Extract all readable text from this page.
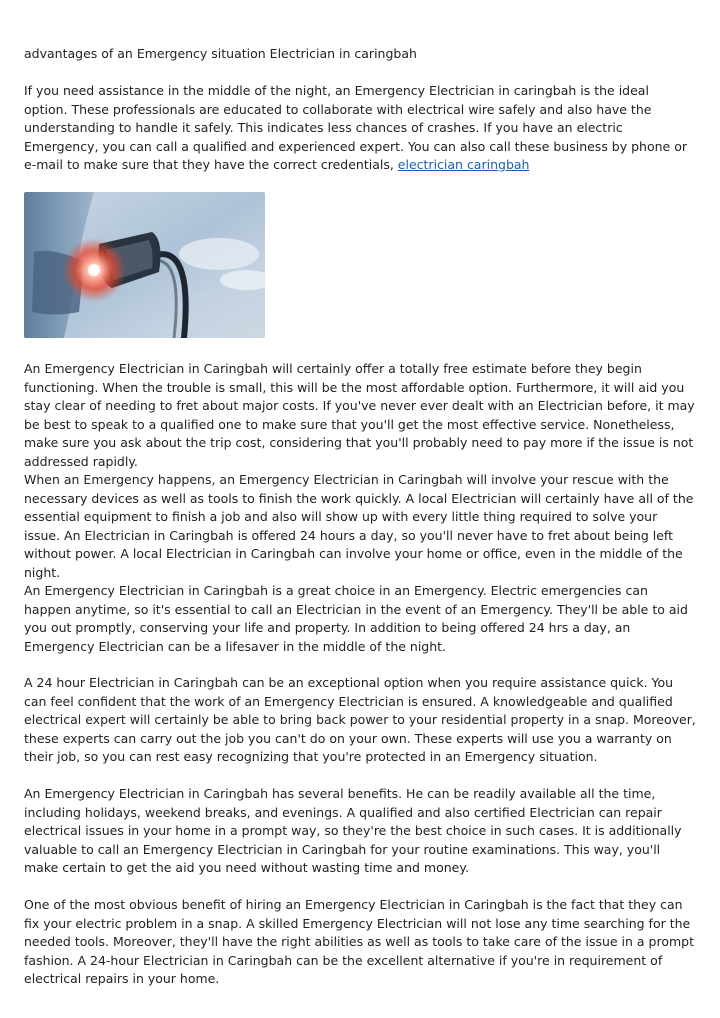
advantages of an Emergency situation Electrician in caringbah

If you need assistance in the middle of the night, an Emergency Electrician in caringbah is the ideal option. These professionals are educated to collaborate with electrical wire safely and also have the understanding to handle it safely. This indicates less chances of crashes. If you have an electric Emergency, you can call a qualified and experienced expert. You can also call these business by phone or e-mail to make sure that they have the correct credentials, electrician caringbah

An Emergency Electrician in Caringbah will certainly offer a totally free estimate before they begin functioning. When the trouble is small, this will be the most affordable option. Furthermore, it will aid you stay clear of needing to fret about major costs. If you've never ever dealt with an Electrician before, it may be best to speak to a qualified one to make sure that you'll get the most effective service. Nonetheless, make sure you ask about the trip cost, considering that you'll probably need to pay more if the issue is not addressed rapidly.

When an Emergency happens, an Emergency Electrician in Caringbah will involve your rescue with the necessary devices as well as tools to finish the work quickly. A local Electrician will certainly have all of the essential equipment to finish a job and also will show up with every little thing required to solve your issue. An Electrician in Caringbah is offered 24 hours a day, so you'll never have to fret about being left without power. A local Electrician in Caringbah can involve your home or office, even in the middle of the night.

An Emergency Electrician in Caringbah is a great choice in an Emergency. Electric emergencies can happen anytime, so it's essential to call an Electrician in the event of an Emergency. They'll be able to aid you out promptly, conserving your life and property. In addition to being offered 24 hrs a day, an Emergency Electrician can be a lifesaver in the middle of the night.

A 24 hour Electrician in Caringbah can be an exceptional option when you require assistance quick. You can feel confident that the work of an Emergency Electrician is ensured. A knowledgeable and qualified electrical expert will certainly be able to bring back power to your residential property in a snap. Moreover, these experts can carry out the job you can't do on your own. These experts will use you a warranty on their job, so you can rest easy recognizing that you're protected in an Emergency situation.

An Emergency Electrician in Caringbah has several benefits. He can be readily available all the time, including holidays, weekend breaks, and evenings. A qualified and also certified Electrician can repair electrical issues in your home in a prompt way, so they're the best choice in such cases. It is additionally valuable to call an Emergency Electrician in Caringbah for your routine examinations. This way, you'll make certain to get the aid you need without wasting time and money.

One of the most obvious benefit of hiring an Emergency Electrician in Caringbah is the fact that they can fix your electric problem in a snap. A skilled Emergency Electrician will not lose any time searching for the needed tools. Moreover, they'll have the right abilities as well as tools to take care of the issue in a prompt fashion. A 24-hour Electrician in Caringbah can be the excellent alternative if you're in requirement of electrical repairs in your home.
